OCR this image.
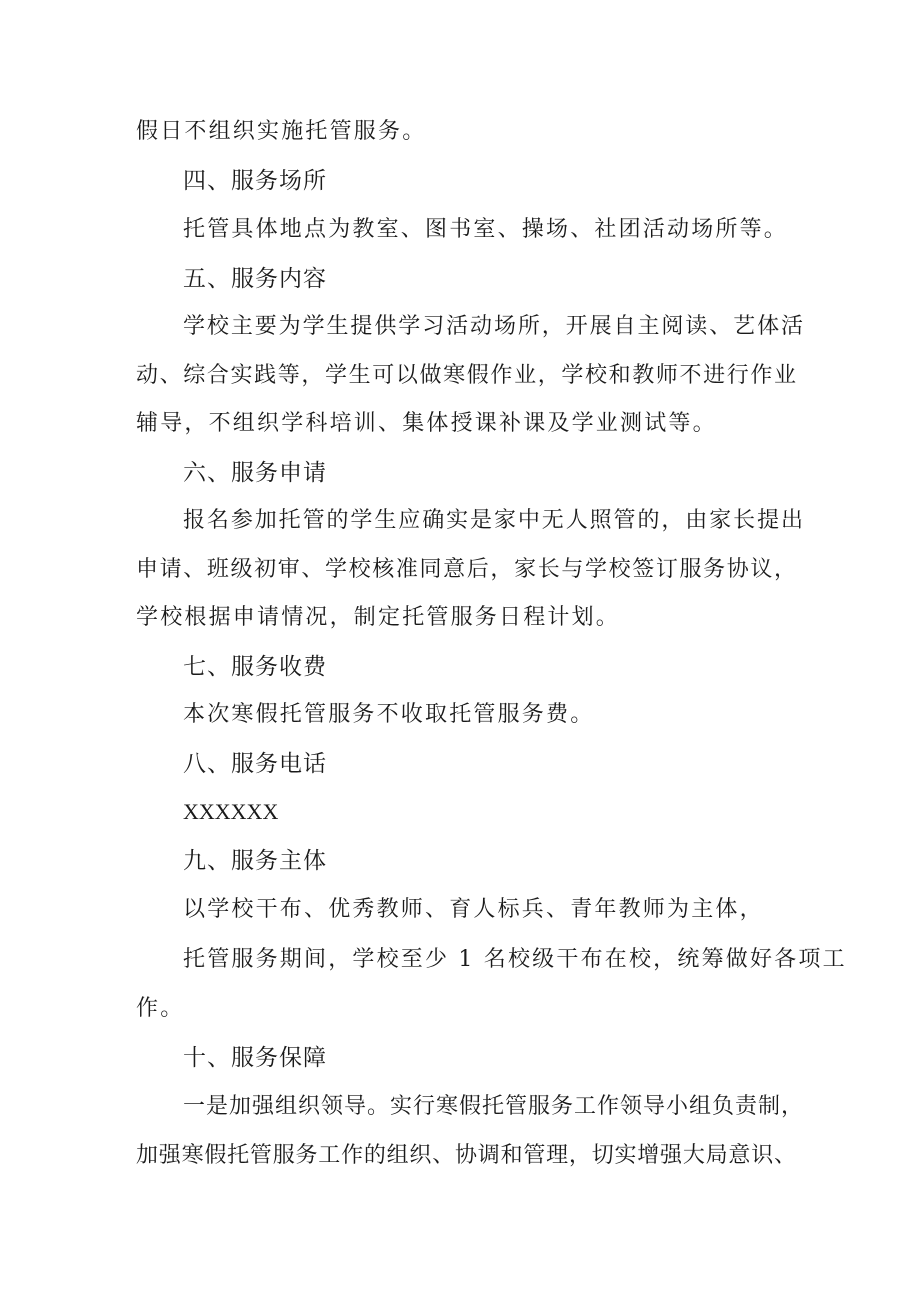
假日不组织实施托管服务。
四、服务场所
托管具体地点为教室、图书室、操场、社团活动场所等。
五、服务内容
学校主要为学生提供学习活动场所，开展自主阅读、艺体活
动、综合实践等，学生可以做寒假作业，学校和教师不进行作业
辅导，不组织学科培训、集体授课补课及学业测试等。
六、服务申请
报名参加托管的学生应确实是家中无人照管的，由家长提出
申请、班级初审、学校核准同意后，家长与学校签订服务协议，
学校根据申请情况，制定托管服务日程计划。
七、服务收费
本次寒假托管服务不收取托管服务费。
八、服务电话
XXXXXX
九、服务主体
以学校干布、优秀教师、育人标兵、青年教师为主体，
托管服务期间，学校至少 1 名校级干布在校，统筹做好各项工
作。
十、服务保障
一是加强组织领导。实行寒假托管服务工作领导小组负责制，
加强寒假托管服务工作的组织、协调和管理，切实增强大局意识、
